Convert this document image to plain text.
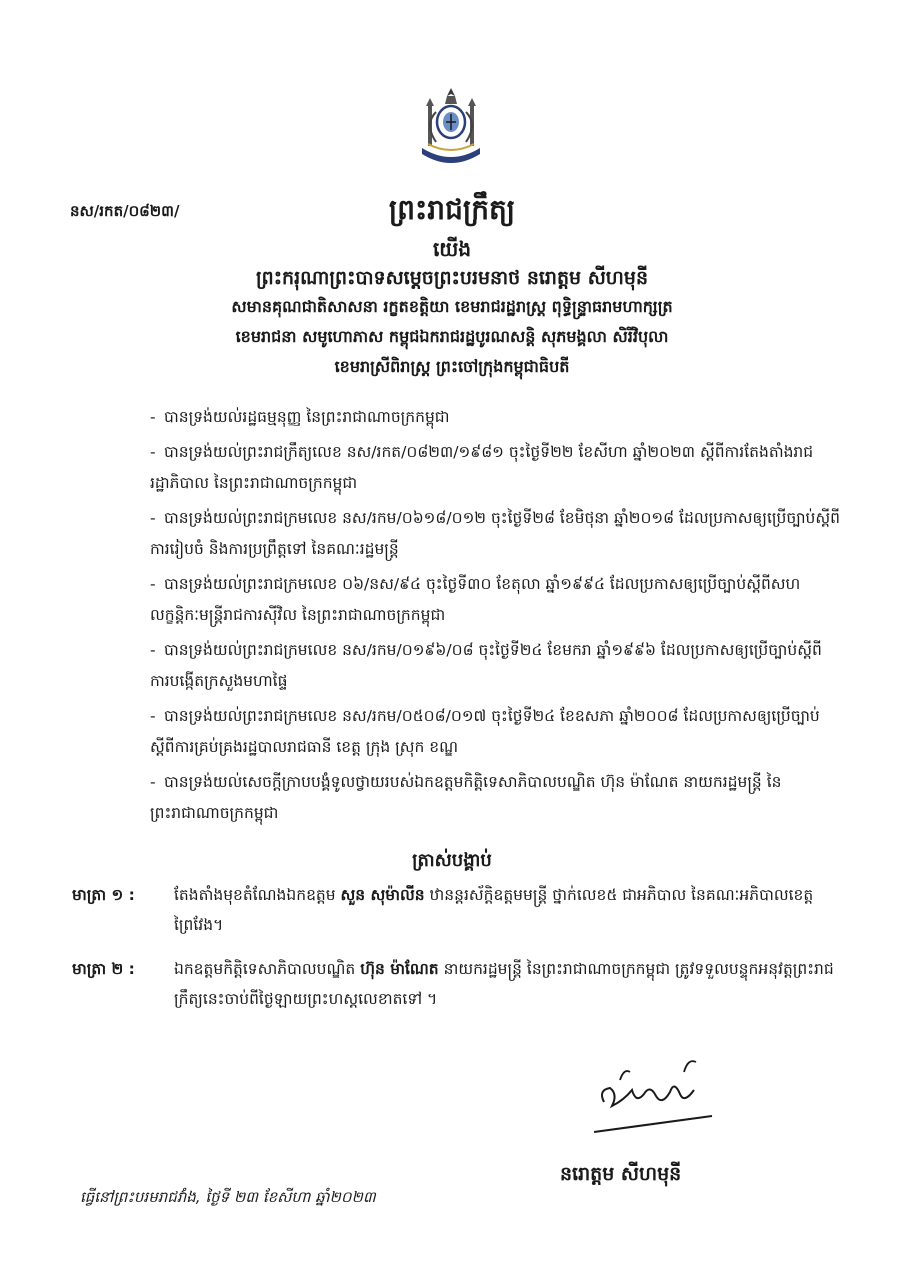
នស/រកត/០៨២៣/	ព្រះរាជក្រឹត្យ
យើង
ព្រះករុណាព្រះបាទសម្តេចព្រះបរមនាថ នរោត្តម សីហមុនី
សមានគុណជាតិសាសនា រក្ខតខត្តិយា ខេមរាជរដ្ឋរាស្ត្រ ពុទ្ធិន្ទ្រាធរាមហាក្សត្រ
ខេមរាជនា សមូហោភាស កម្ពុជឯករាជរដ្ឋបូរណសន្តិ សុភមង្គលា សិរីវិបុលា
ខេមរាស្រីពិរាស្ត្រ ព្រះចៅក្រុងកម្ពុជាធិបតី
- បានទ្រង់យល់រដ្ឋធម្មនុញ្ញ នៃព្រះរាជាណាចក្រកម្ពុជា
- បានទ្រង់យល់ព្រះរាជក្រឹត្យលេខ នស/រកត/០៨២៣/១៩៨១ ចុះថ្ងៃទី២២ ខែសីហា ឆ្នាំ២០២៣ ស្តីពីការតែងតាំងរាជរដ្ឋាភិបាល នៃព្រះរាជាណាចក្រកម្ពុជា
- បានទ្រង់យល់ព្រះរាជក្រមលេខ នស/រកម/០៦១៨/០១២ ចុះថ្ងៃទី២៨ ខែមិថុនា ឆ្នាំ២០១៨ ដែលប្រកាសឲ្យប្រើច្បាប់ស្តីពីការរៀបចំ និងការប្រព្រឹត្តទៅ នៃគណៈរដ្ឋមន្ត្រី
- បានទ្រង់យល់ព្រះរាជក្រមលេខ ០៦/នស/៩៤ ចុះថ្ងៃទី៣០ ខែតុលា ឆ្នាំ១៩៩៤ ដែលប្រកាសឲ្យប្រើច្បាប់ស្តីពីសហលក្ខន្តិកៈមន្ត្រីរាជការស៊ីវិល នៃព្រះរាជាណាចក្រកម្ពុជា
- បានទ្រង់យល់ព្រះរាជក្រមលេខ នស/រកម/០១៩៦/០៨ ចុះថ្ងៃទី២៤ ខែមករា ឆ្នាំ១៩៩៦ ដែលប្រកាសឲ្យប្រើច្បាប់ស្តីពីការបង្កើតក្រសួងមហាផ្ទៃ
- បានទ្រង់យល់ព្រះរាជក្រមលេខ នស/រកម/០៥០៨/០១៧ ចុះថ្ងៃទី២៤ ខែឧសភា ឆ្នាំ២០០៨ ដែលប្រកាសឲ្យប្រើច្បាប់ស្តីពីការគ្រប់គ្រងរដ្ឋបាលរាជធានី ខេត្ត ក្រុង ស្រុក ខណ្ឌ
- បានទ្រង់យល់សេចក្តីក្រាបបង្គំទូលថ្វាយរបស់ឯកឧត្តមកិត្តិទេសាភិបាលបណ្ឌិត ហ៊ុន ម៉ាណែត នាយករដ្ឋមន្ត្រី នៃព្រះរាជាណាចក្រកម្ពុជា
ត្រាស់បង្គាប់
មាត្រា ១ :	តែងតាំងមុខតំណែងឯកឧត្តម សួន សុម៉ាលីន ឋានន្តរស័ក្តិឧត្តមមន្ត្រី ថ្នាក់លេខ៥ ជាអភិបាល នៃគណៈអភិបាលខេត្តព្រៃវែង។
មាត្រា ២ :	ឯកឧត្តមកិត្តិទេសាភិបាលបណ្ឌិត ហ៊ុន ម៉ាណែត នាយករដ្ឋមន្ត្រី នៃព្រះរាជាណាចក្រកម្ពុជា ត្រូវទទួលបន្ទុកអនុវត្តព្រះរាជក្រឹត្យនេះចាប់ពីថ្ងៃឡាយព្រះហស្តលេខាតទៅ ។
នរោត្តម សីហមុនី
ធ្វើនៅព្រះបរមរាជវាំង, ថ្ងៃទី ២៣ ខែសីហា ឆ្នាំ២០២៣
